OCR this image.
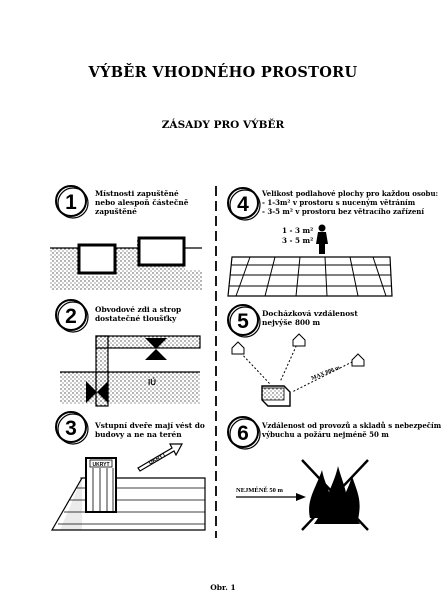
VÝBĚR VHODNÉHO PROSTORU
ZÁSADY PRO VÝBĚR
1
2
3
4
5
6
IÚ
UKRYT	UKRYT
1 - 3 m²
3 - 5 m²
MAX 800 m
NEJMÉNĚ 50 m
Místnosti zapuštěné
nebo alespoň částečně
zapuštěné
Obvodové zdi a strop
dostatečné tloušťky
Vstupní dveře mají vést do
budovy a ne na terén
Velikost podlahové plochy pro každou osobu:
- 1-3m² v prostoru s nuceným větráním
- 3-5 m² v prostoru bez větracího zařízení
Docházková vzdálenost
nejvýše 800 m
Vzdálenost od provozů a skladů s nebezpečím
výbuchu a požáru nejméně 50 m
Obr. 1
